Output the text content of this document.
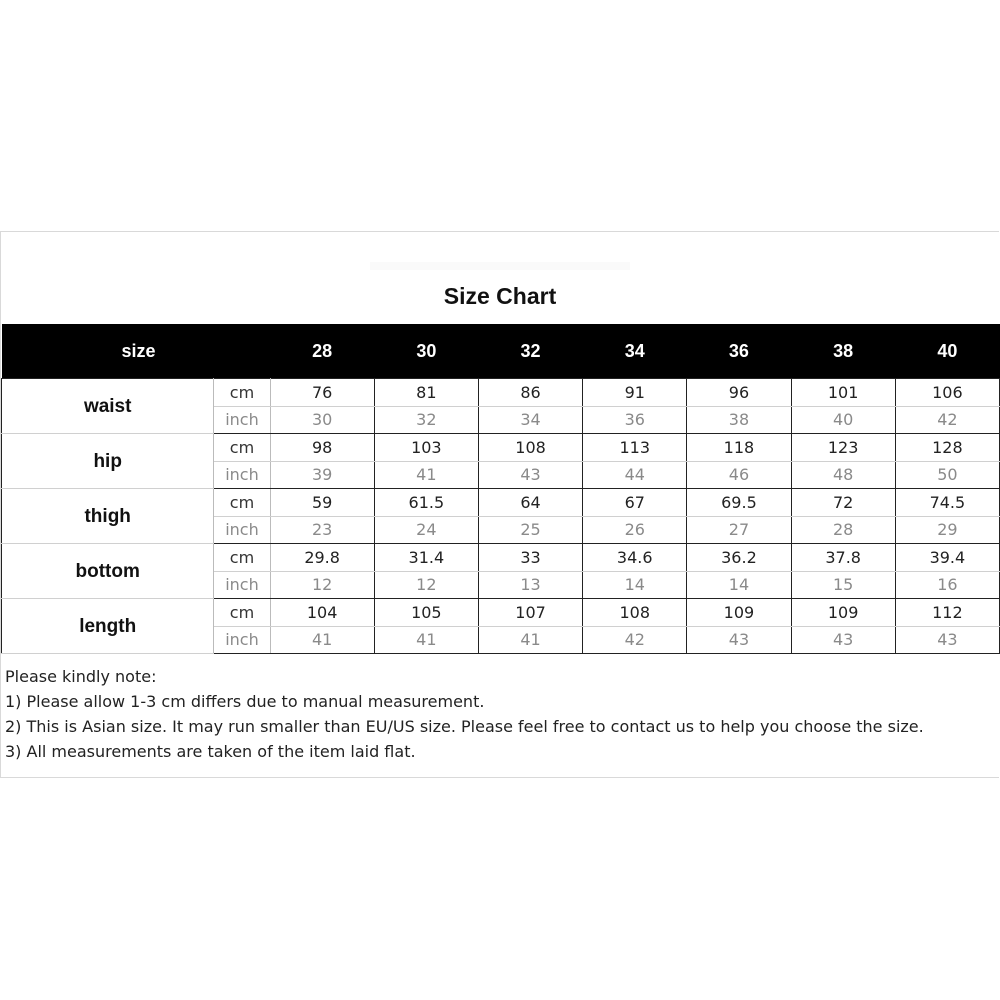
Size Chart
size		28	30	32	34	36	38	40
waist	cm	76	81	86	91	96	101	106
	inch	30	32	34	36	38	40	42
hip	cm	98	103	108	113	118	123	128
	inch	39	41	43	44	46	48	50
thigh	cm	59	61.5	64	67	69.5	72	74.5
	inch	23	24	25	26	27	28	29
bottom	cm	29.8	31.4	33	34.6	36.2	37.8	39.4
	inch	12	12	13	14	14	15	16
length	cm	104	105	107	108	109	109	112
	inch	41	41	41	42	43	43	43
Please kindly note:
1) Please allow 1-3 cm differs due to manual measurement.
2) This is Asian size. It may run smaller than EU/US size. Please feel free to contact us to help you choose the size.
3) All measurements are taken of the item laid flat.
